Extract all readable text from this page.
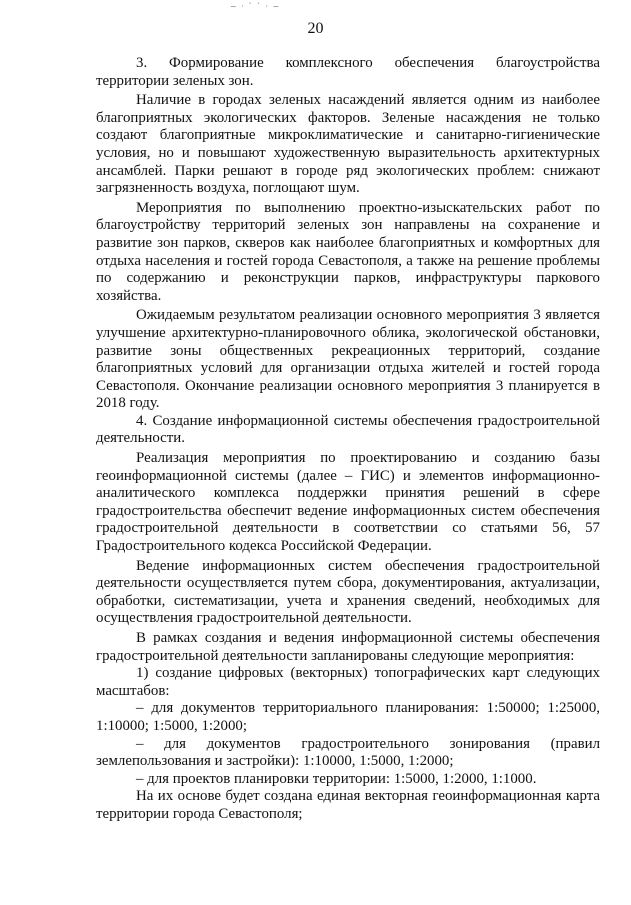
~ · ` ` · ~
20

3. Формирование комплексного обеспечения благоустройства территории зеленых зон.

Наличие в городах зеленых насаждений является одним из наиболее благоприятных экологических факторов. Зеленые насаждения не только создают благоприятные микроклиматические и санитарно-гигиенические условия, но и повышают художественную выразительность архитектурных ансамблей. Парки решают в городе ряд экологических проблем: снижают загрязненность воздуха, поглощают шум.

Мероприятия по выполнению проектно-изыскательских работ по благоустройству территорий зеленых зон направлены на сохранение и развитие зон парков, скверов как наиболее благоприятных и комфортных для отдыха населения и гостей города Севастополя, а также на решение проблемы по содержанию и реконструкции парков, инфраструктуры паркового хозяйства.

Ожидаемым результатом реализации основного мероприятия 3 является улучшение архитектурно-планировочного облика, экологической обстановки, развитие зоны общественных рекреационных территорий, создание благоприятных условий для организации отдыха жителей и гостей города Севастополя. Окончание реализации основного мероприятия 3 планируется в 2018 году.

4. Создание информационной системы обеспечения градостроительной деятельности.

Реализация мероприятия по проектированию и созданию базы геоинформационной системы (далее – ГИС) и элементов информационно-аналитического комплекса поддержки принятия решений в сфере градостроительства обеспечит ведение информационных систем обеспечения градостроительной деятельности в соответствии со статьями 56, 57 Градостроительного кодекса Российской Федерации.

Ведение информационных систем обеспечения градостроительной деятельности осуществляется путем сбора, документирования, актуализации, обработки, систематизации, учета и хранения сведений, необходимых для осуществления градостроительной деятельности.

В рамках создания и ведения информационной системы обеспечения градостроительной деятельности запланированы следующие мероприятия:

1) создание цифровых (векторных) топографических карт следующих масштабов:

– для документов территориального планирования: 1:50000; 1:25000, 1:10000; 1:5000, 1:2000;

– для документов градостроительного зонирования (правил землепользования и застройки): 1:10000, 1:5000, 1:2000;

– для проектов планировки территории: 1:5000, 1:2000, 1:1000.

На их основе будет создана единая векторная геоинформационная карта территории города Севастополя;
